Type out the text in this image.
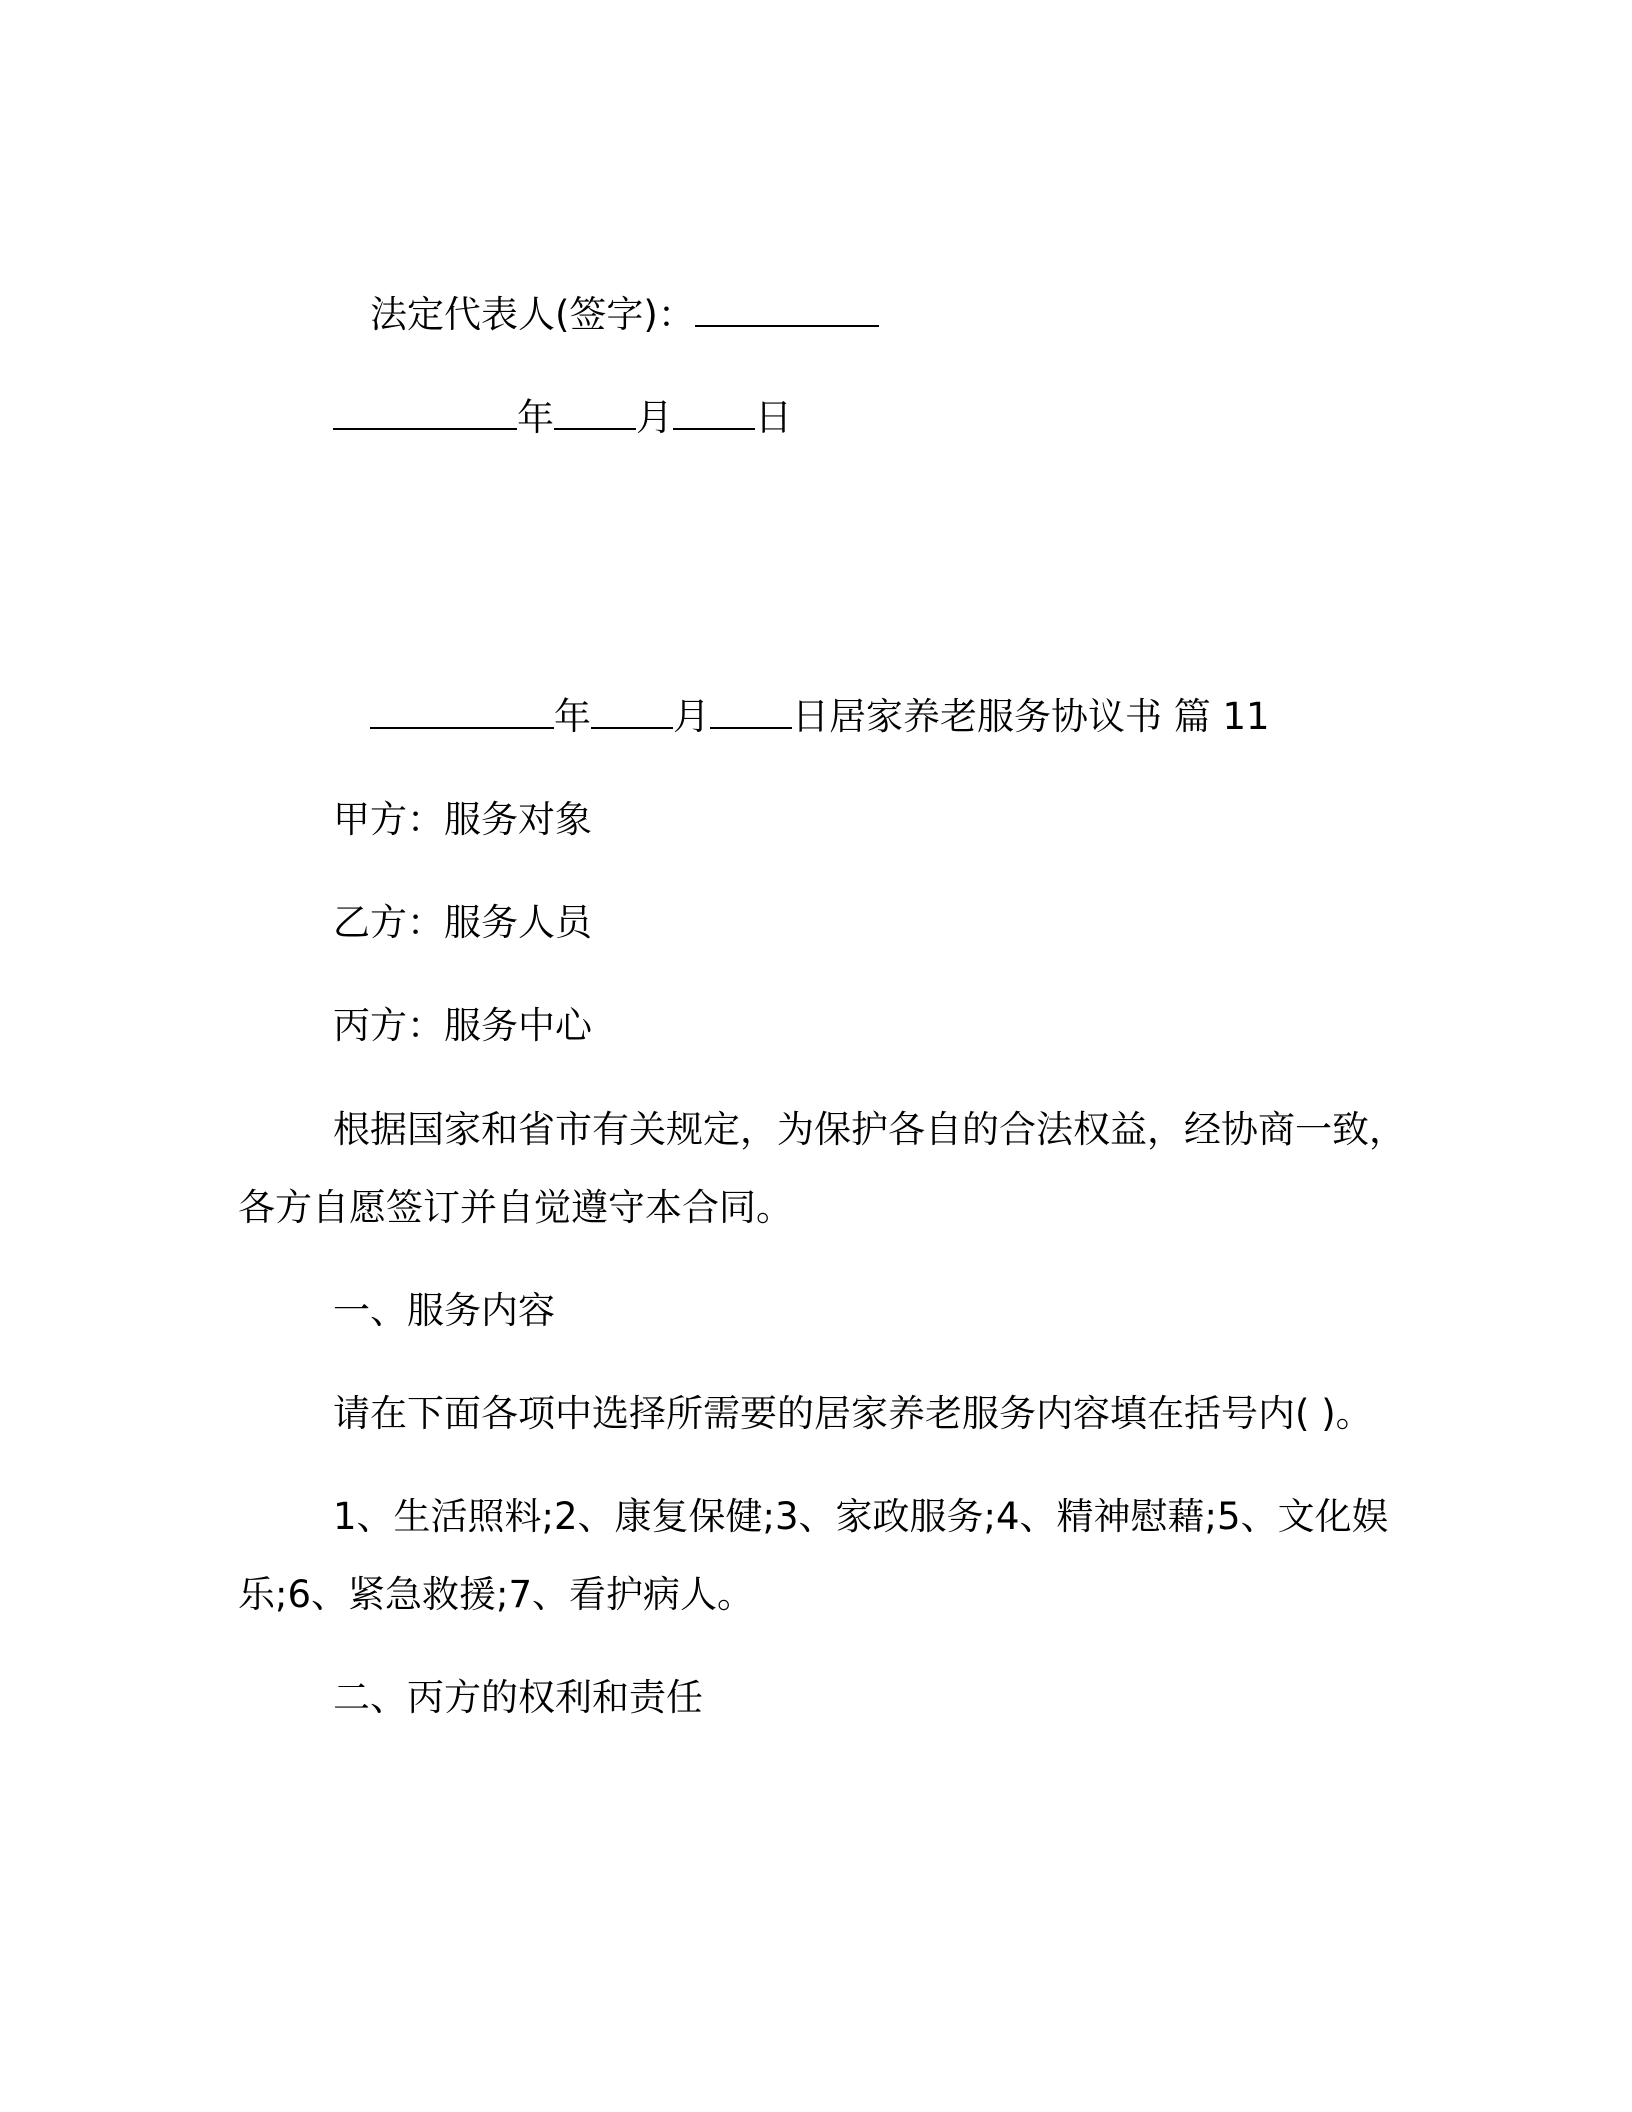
法定代表人(签字)：

年 月 日

年 月 日居家养老服务协议书 篇 11

甲方：服务对象

乙方：服务人员

丙方：服务中心

根据国家和省市有关规定，为保护各自的合法权益，经协商一致，

各方自愿签订并自觉遵守本合同。

一、服务内容

请在下面各项中选择所需要的居家养老服务内容填在括号内( )。

1、生活照料;2、康复保健;3、家政服务;4、精神慰藉;5、文化娱

乐;6、紧急救援;7、看护病人。

二、丙方的权利和责任
